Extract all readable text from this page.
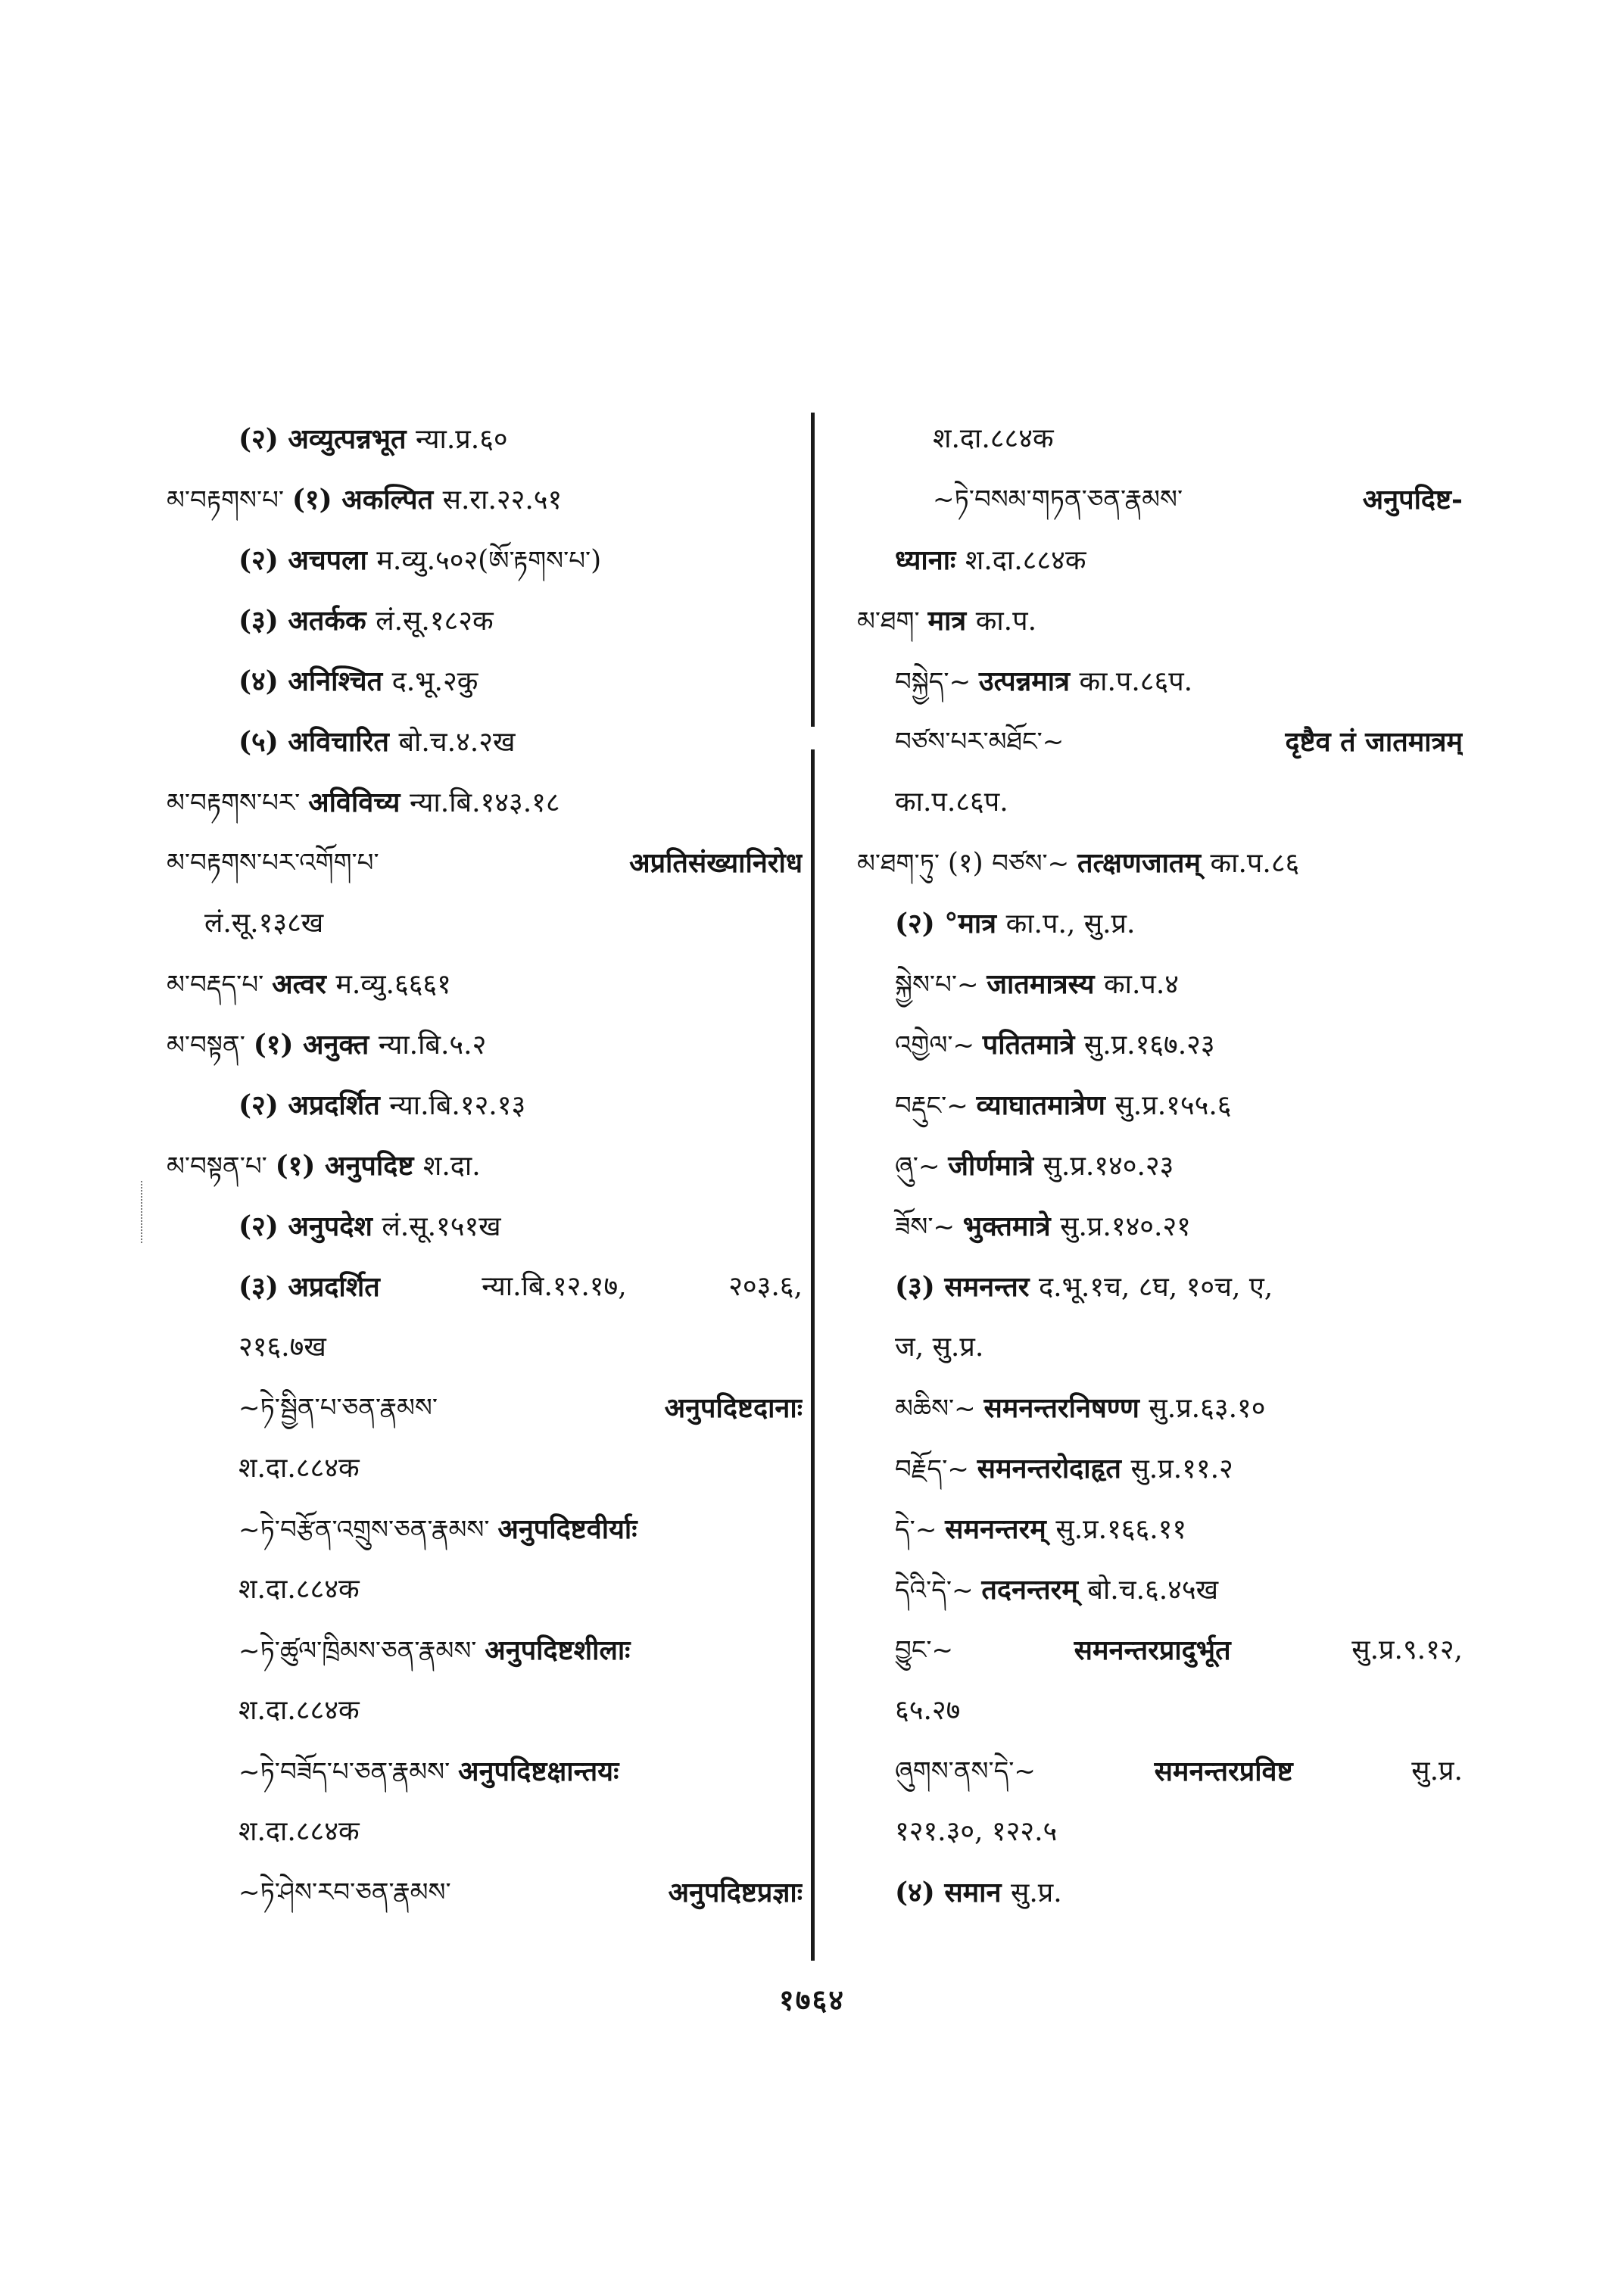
(२) अव्युत्पन्नभूत न्या.प्र.६०
མ་བརྟགས་པ་ (१) अकल्पित स.रा.२२.५१
(२) अचपला म.व्यु.५०२(ཨོ་རྟགས་པ་)
(३) अतर्कक लं.सू.१८२क
(४) अनिश्चित द.भू.२कु
(५) अविचारित बो.च.४.२ख
མ་བརྟགས་པར་ अविविच्य न्या.बि.१४३.१८
མ་བརྟགས་པར་འགོག་པ་	अप्रतिसंख्यानिरोध
लं.सू.१३८ख
མ་བརྡད་པ་ अत्वर म.व्यु.६६६१
མ་བསྟན་ (१) अनुक्त न्या.बि.५.२
(२) अप्रदर्शित न्या.बि.१२.१३
མ་བསྟན་པ་ (१) अनुपदिष्ट श.दा.
(२) अनुपदेश लं.सू.१५१ख
(३) अप्रदर्शित	न्या.बि.१२.१७,	२०३.६,
२१६.७ख
~ཏེ་སྦྱིན་པ་ཅན་རྣམས་	अनुपदिष्टदानाः
श.दा.८८४क
~ཏེ་བརྩོན་འགྲུས་ཅན་རྣམས་ अनुपदिष्टवीर्याः
श.दा.८८४क
~ཏེ་ཚུལ་ཁྲིམས་ཅན་རྣམས་ अनुपदिष्टशीलाः
श.दा.८८४क
~ཏེ་བཟོད་པ་ཅན་རྣམས་ अनुपदिष्टक्षान्तयः
श.दा.८८४क
~ཏེ་ཤེས་རབ་ཅན་རྣམས་	अनुपदिष्टप्रज्ञाः
श.दा.८८४क
~ཏེ་བསམ་གཏན་ཅན་རྣམས་	अनुपदिष्ट-
ध्यानाः श.दा.८८४क
མ་ཐག་ मात्र का.प.
བསྐྱེད་~ उत्पन्नमात्र का.प.८६प.
བཙས་པར་མཐོང་~	दृष्टैव तं जातमात्रम्
का.प.८६प.
མ་ཐག་ཏུ་ (१) བཙས་~ तत्क्षणजातम् का.प.८६
(२) °मात्र का.प., सु.प्र.
སྐྱེས་པ་~ जातमात्रस्य का.प.४
འགྱེལ་~ पतितमात्रे सु.प्र.१६७.२३
བརྡུང་~ व्याघातमात्रेण सु.प्र.१५५.६
ཞུ་~ जीर्णमात्रे सु.प्र.१४०.२३
ཟོས་~ भुक्तमात्रे सु.प्र.१४०.२१
(३) समनन्तर द.भू.१च, ८घ, १०च, ए,
ज, सु.प्र.
མཆིས་~ समनन्तरनिषण्ण सु.प्र.६३.१०
བརྗོད་~ समनन्तरोदाहृत सु.प्र.११.२
དེ་~ समनन्तरम् सु.प्र.१६६.११
དེའི་དེ་~ तदनन्तरम् बो.च.६.४५ख
བྱུང་~	समनन्तरप्रादुर्भूत	सु.प्र.९.१२,
६५.२७
ཞུགས་ནས་དེ་~	समनन्तरप्रविष्ट	सु.प्र.
१२१.३०, १२२.५
(४) समान सु.प्र.
१७६४
